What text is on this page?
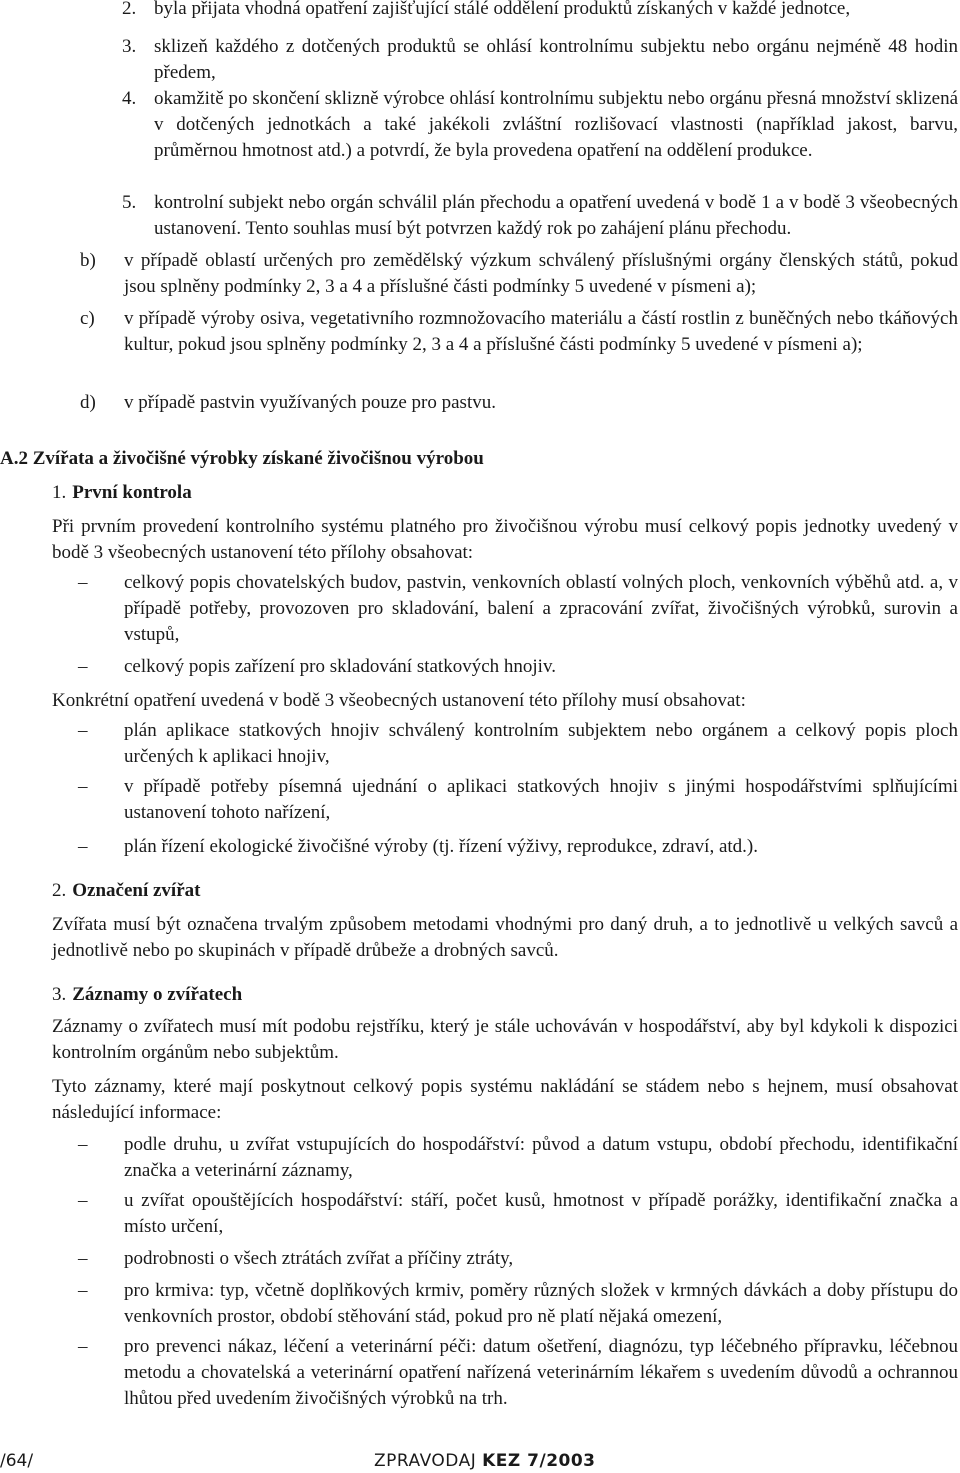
2. byla přijata vhodná opatření zajišťující stálé oddělení produktů získaných v každé jednotce,

3. sklizeň každého z dotčených produktů se ohlásí kontrolnímu subjektu nebo orgánu nejméně 48 hodin předem,

4. okamžitě po skončení sklizně výrobce ohlásí kontrolnímu subjektu nebo orgánu přesná množství sklizená v dotčených jednotkách a také jakékoli zvláštní rozlišovací vlastnosti (například jakost, barvu, průměrnou hmotnost atd.) a potvrdí, že byla provedena opatření na oddělení produkce.

5. kontrolní subjekt nebo orgán schválil plán přechodu a opatření uvedená v bodě 1 a v bodě 3 všeobecných ustanovení. Tento souhlas musí být potvrzen každý rok po zahájení plánu přechodu.

b) v případě oblastí určených pro zemědělský výzkum schválený příslušnými orgány členských států, pokud jsou splněny podmínky 2, 3 a 4 a příslušné části podmínky 5 uvedené v písmeni a);

c) v případě výroby osiva, vegetativního rozmnožovacího materiálu a částí rostlin z buněčných nebo tkáňových kultur, pokud jsou splněny podmínky 2, 3 a 4 a příslušné části podmínky 5 uvedené v písmeni a);

d) v případě pastvin využívaných pouze pro pastvu.

A.2 Zvířata a živočišné výrobky získané živočišnou výrobou
1. První kontrola

Při prvním provedení kontrolního systému platného pro živočišnou výrobu musí celkový popis jednotky uvedený v bodě 3 všeobecných ustanovení této přílohy obsahovat:

– celkový popis chovatelských budov, pastvin, venkovních oblastí volných ploch, venkovních výběhů atd. a, v případě potřeby, provozoven pro skladování, balení a zpracování zvířat, živočišných výrobků, surovin a vstupů,

– celkový popis zařízení pro skladování statkových hnojiv.

Konkrétní opatření uvedená v bodě 3 všeobecných ustanovení této přílohy musí obsahovat:

– plán aplikace statkových hnojiv schválený kontrolním subjektem nebo orgánem a celkový popis ploch určených k aplikaci hnojiv,

– v případě potřeby písemná ujednání o aplikaci statkových hnojiv s jinými hospodářstvími splňujícími ustanovení tohoto nařízení,

– plán řízení ekologické živočišné výroby (tj. řízení výživy, reprodukce, zdraví, atd.).

2. Označení zvířat

Zvířata musí být označena trvalým způsobem metodami vhodnými pro daný druh, a to jednotlivě u velkých savců a jednotlivě nebo po skupinách v případě drůbeže a drobných savců.

3. Záznamy o zvířatech

Záznamy o zvířatech musí mít podobu rejstříku, který je stále uchováván v hospodářství, aby byl kdykoli k dispozici kontrolním orgánům nebo subjektům.

Tyto záznamy, které mají poskytnout celkový popis systému nakládání se stádem nebo s hejnem, musí obsahovat následující informace:

– podle druhu, u zvířat vstupujících do hospodářství: původ a datum vstupu, období přechodu, identifikační značka a veterinární záznamy,

– u zvířat opouštějících hospodářství: stáří, počet kusů, hmotnost v případě porážky, identifikační značka a místo určení,

– podrobnosti o všech ztrátách zvířat a příčiny ztráty,

– pro krmiva: typ, včetně doplňkových krmiv, poměry různých složek v krmných dávkách a doby přístupu do venkovních prostor, období stěhování stád, pokud pro ně platí nějaká omezení,

– pro prevenci nákaz, léčení a veterinární péči: datum ošetření, diagnózu, typ léčebného přípravku, léčebnou metodu a chovatelská a veterinární opatření nařízená veterinárním lékařem s uvedením důvodů a ochrannou lhůtou před uvedením živočišných výrobků na trh.

/64/	ZPRAVODAJ KEZ 7/2003
